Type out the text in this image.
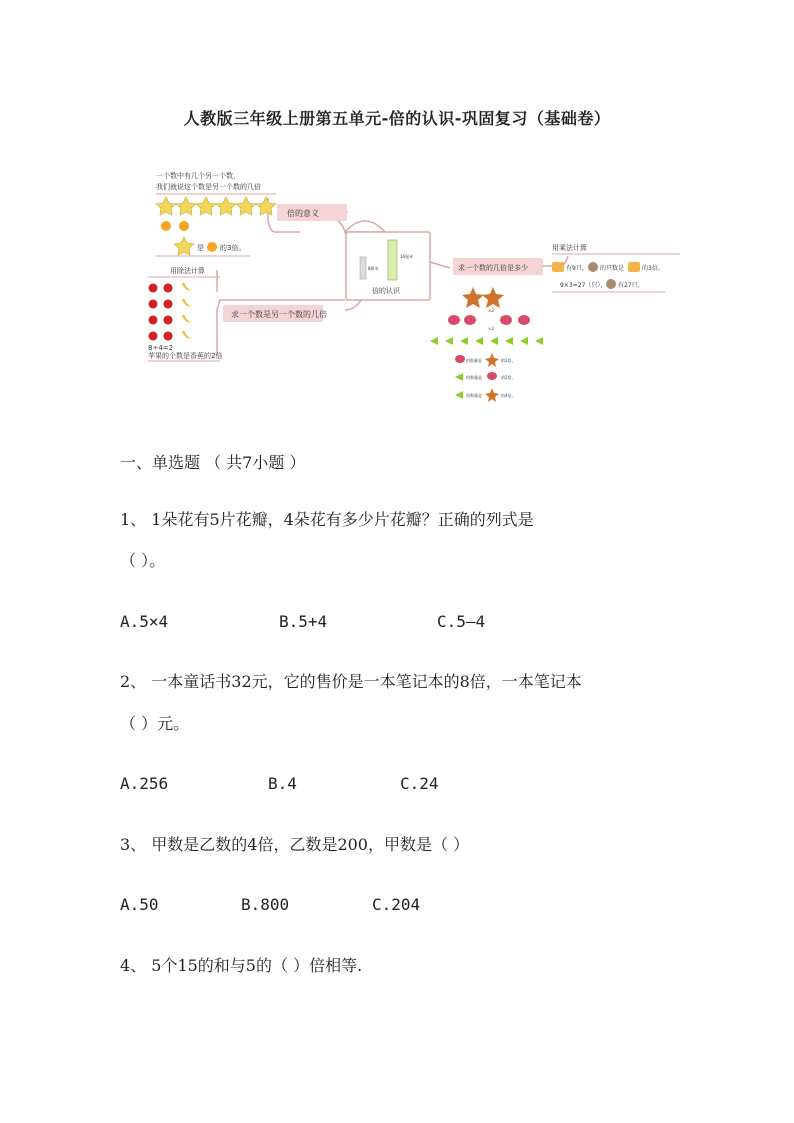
人教版三年级上册第五单元-倍的认识-巩固复习（基础卷）
倍的意义
一个数中有几个另一个数，
我们就说这个数是另一个数的几倍
是 的3倍。
求一个数是另一个数的几倍
用除法计算
8÷4=2
苹果的个数是香蕉的2倍
8厘米
16厘米
倍的认识
求一个数的几倍是多少
用乘法计算
有9只， 的只数是	的3倍。
9×3=27（只）， 有27只。
×2
×2
的数量是	的2倍，
的数量是	的2倍，
的数量是	的4倍。
一、单选题 （ 共7小题 ）
1、 1朵花有5片花瓣，4朵花有多少片花瓣？正确的列式是
（ ）。
A.5×4	B.5+4	C.5—4
2、 一本童话书32元，它的售价是一本笔记本的8倍，一本笔记本
（ ）元。
A.256	B.4	C.24
3、 甲数是乙数的4倍，乙数是200，甲数是（ ）
A.50	B.800	C.204
4、 5个15的和与5的（ ）倍相等.
